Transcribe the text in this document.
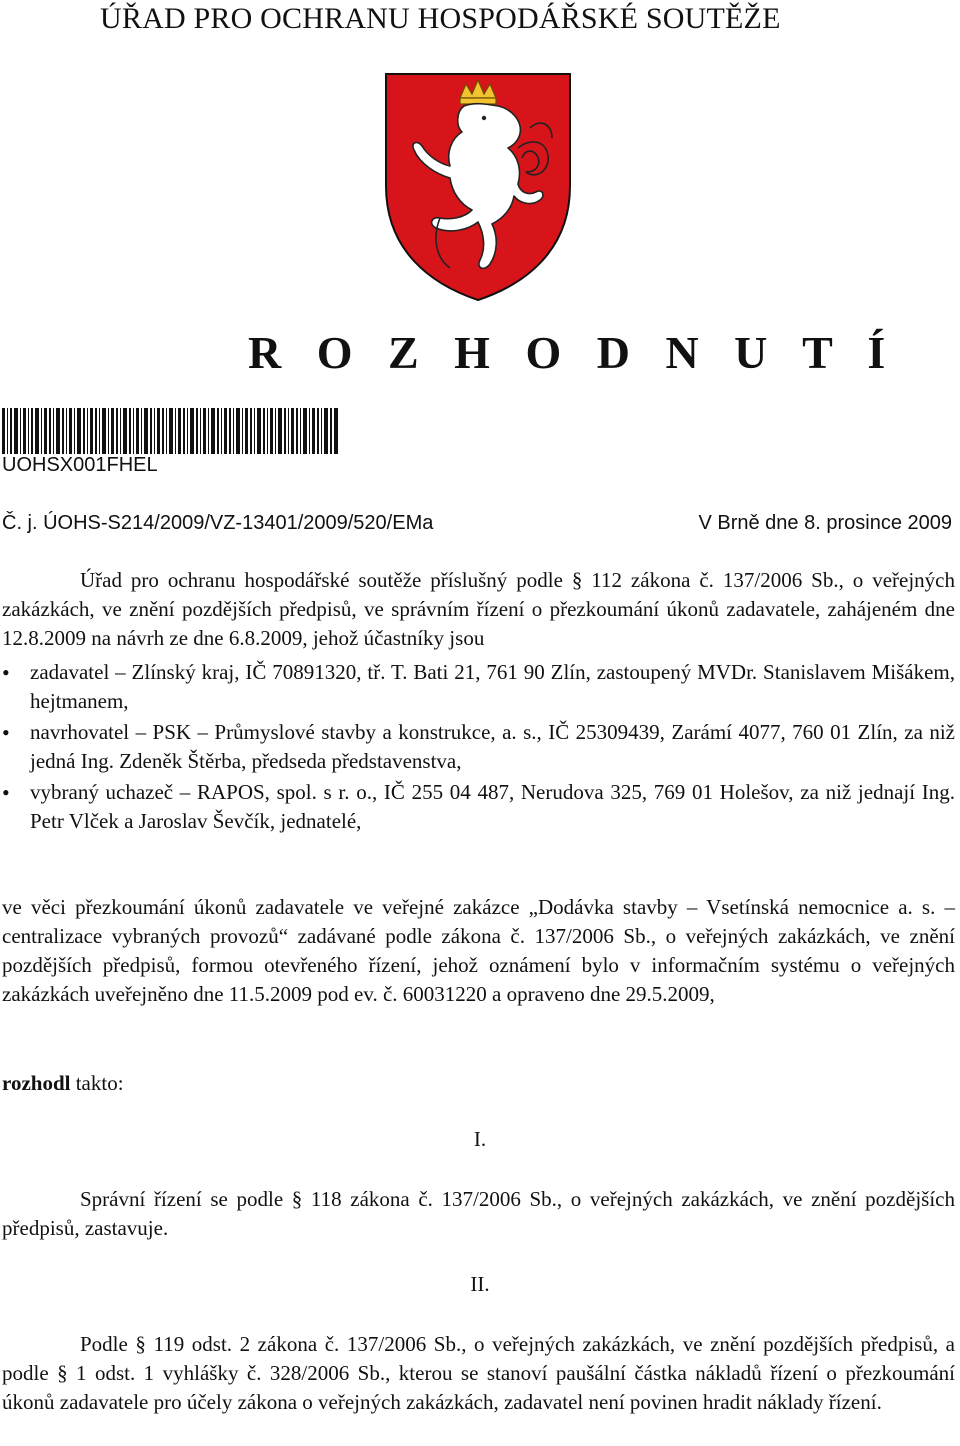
ÚŘAD PRO OCHRANU HOSPODÁŘSKÉ SOUTĚŽE
R O Z H O D N U T Í
UOHSX001FHEL
Č. j. ÚOHS-S214/2009/VZ-13401/2009/520/EMa	V Brně dne 8. prosince 2009
Úřad pro ochranu hospodářské soutěže příslušný podle § 112 zákona č. 137/2006 Sb., o veřejných zakázkách, ve znění pozdějších předpisů, ve správním řízení o přezkoumání úkonů zadavatele, zahájeném dne 12.8.2009 na návrh ze dne 6.8.2009, jehož účastníky jsou
• zadavatel – Zlínský kraj, IČ 70891320, tř. T. Bati 21, 761 90 Zlín, zastoupený MVDr. Stanislavem Mišákem, hejtmanem,
• navrhovatel – PSK – Průmyslové stavby a konstrukce, a. s., IČ 25309439, Zarámí 4077, 760 01 Zlín, za niž jedná Ing. Zdeněk Štěrba, předseda představenstva,
• vybraný uchazeč – RAPOS, spol. s r. o., IČ 255 04 487, Nerudova 325, 769 01 Holešov, za niž jednají Ing. Petr Vlček a Jaroslav Ševčík, jednatelé,
ve věci přezkoumání úkonů zadavatele ve veřejné zakázce „Dodávka stavby – Vsetínská nemocnice a. s. – centralizace vybraných provozů“ zadávané podle zákona č. 137/2006 Sb., o veřejných zakázkách, ve znění pozdějších předpisů, formou otevřeného řízení, jehož oznámení bylo v informačním systému o veřejných zakázkách uveřejněno dne 11.5.2009 pod ev. č. 60031220 a opraveno dne 29.5.2009,
rozhodl takto:
I.
Správní řízení se podle § 118 zákona č. 137/2006 Sb., o veřejných zakázkách, ve znění pozdějších předpisů, zastavuje.
II.
Podle § 119 odst. 2 zákona č. 137/2006 Sb., o veřejných zakázkách, ve znění pozdějších předpisů, a podle § 1 odst. 1 vyhlášky č. 328/2006 Sb., kterou se stanoví paušální částka nákladů řízení o přezkoumání úkonů zadavatele pro účely zákona o veřejných zakázkách, zadavatel není povinen hradit náklady řízení.
